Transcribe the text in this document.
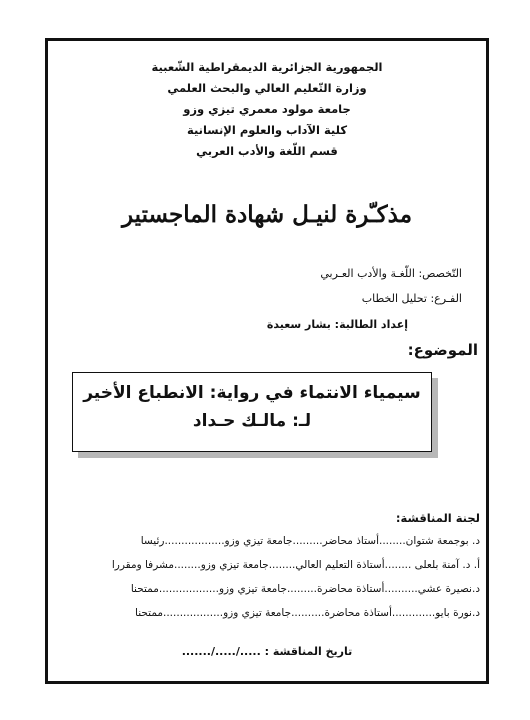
الجمهورية الجزائرية الديمقراطية الشّعبية
وزارة التّعليم العالي والبحث العلمي
جامعة مولود معمري تيزي وزو
كلية الآداب والعلوم الإنسانية
قسم اللّغة والأدب العربي
مذكـّرة لنيـل شهادة الماجستير
التّخصص: اللّغـة والأدب العـربي
الفـرع: تحليل الخطاب
إعداد الطالبة: بشار سعيدة
الموضوع:
سيمياء الانتماء في رواية: الانطباع الأخير
لـ: مالـك حـداد
لجنة المناقشة:
د. بوجمعة شتوان........أستاذ محاضر.........جامعة تيزي وزو..................رئيسا
أ. د. آمنة بلعلى ........أستاذة التعليم العالي........جامعة تيزي وزو........مشرفا ومقررا
د.نصيرة عشي..........أستاذة محاضرة.........جامعة تيزي وزو..................ممتحنا
د.نورة بايو.............أستاذة محاضرة..........جامعة تيزي وزو..................ممتحنا
تاريخ المناقشة : ...../...../.......
